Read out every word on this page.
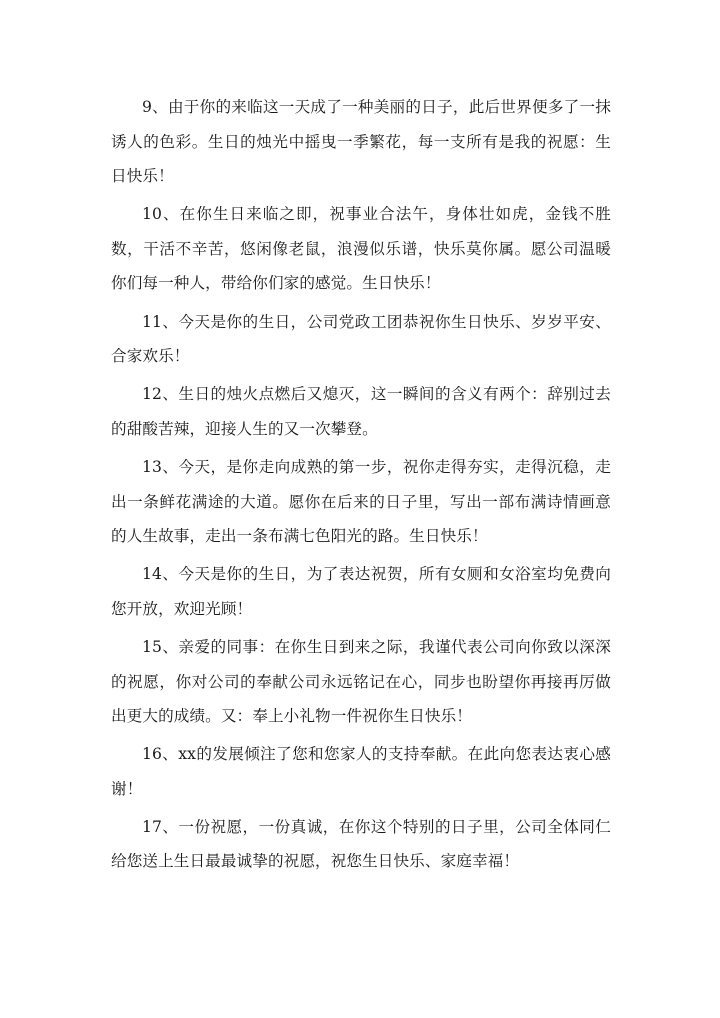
9、由于你的来临这一天成了一种美丽的日子，此后世界便多了一抹诱人的色彩。生日的烛光中摇曳一季繁花，每一支所有是我的祝愿：生日快乐！

10、在你生日来临之即，祝事业合法午，身体壮如虎，金钱不胜数，干活不辛苦，悠闲像老鼠，浪漫似乐谱，快乐莫你属。愿公司温暖你们每一种人，带给你们家的感觉。生日快乐！

11、今天是你的生日，公司党政工团恭祝你生日快乐、岁岁平安、合家欢乐！

12、生日的烛火点燃后又熄灭，这一瞬间的含义有两个：辞别过去的甜酸苦辣，迎接人生的又一次攀登。

13、今天，是你走向成熟的第一步，祝你走得夯实，走得沉稳，走出一条鲜花满途的大道。愿你在后来的日子里，写出一部布满诗情画意的人生故事，走出一条布满七色阳光的路。生日快乐！

14、今天是你的生日，为了表达祝贺，所有女厕和女浴室均免费向您开放，欢迎光顾！

15、亲爱的同事：在你生日到来之际，我谨代表公司向你致以深深的祝愿，你对公司的奉献公司永远铭记在心，同步也盼望你再接再厉做出更大的成绩。又：奉上小礼物一件祝你生日快乐！

16、xx的发展倾注了您和您家人的支持奉献。在此向您表达衷心感谢！

17、一份祝愿，一份真诚，在你这个特别的日子里，公司全体同仁给您送上生日最最诚挚的祝愿，祝您生日快乐、家庭幸福！
